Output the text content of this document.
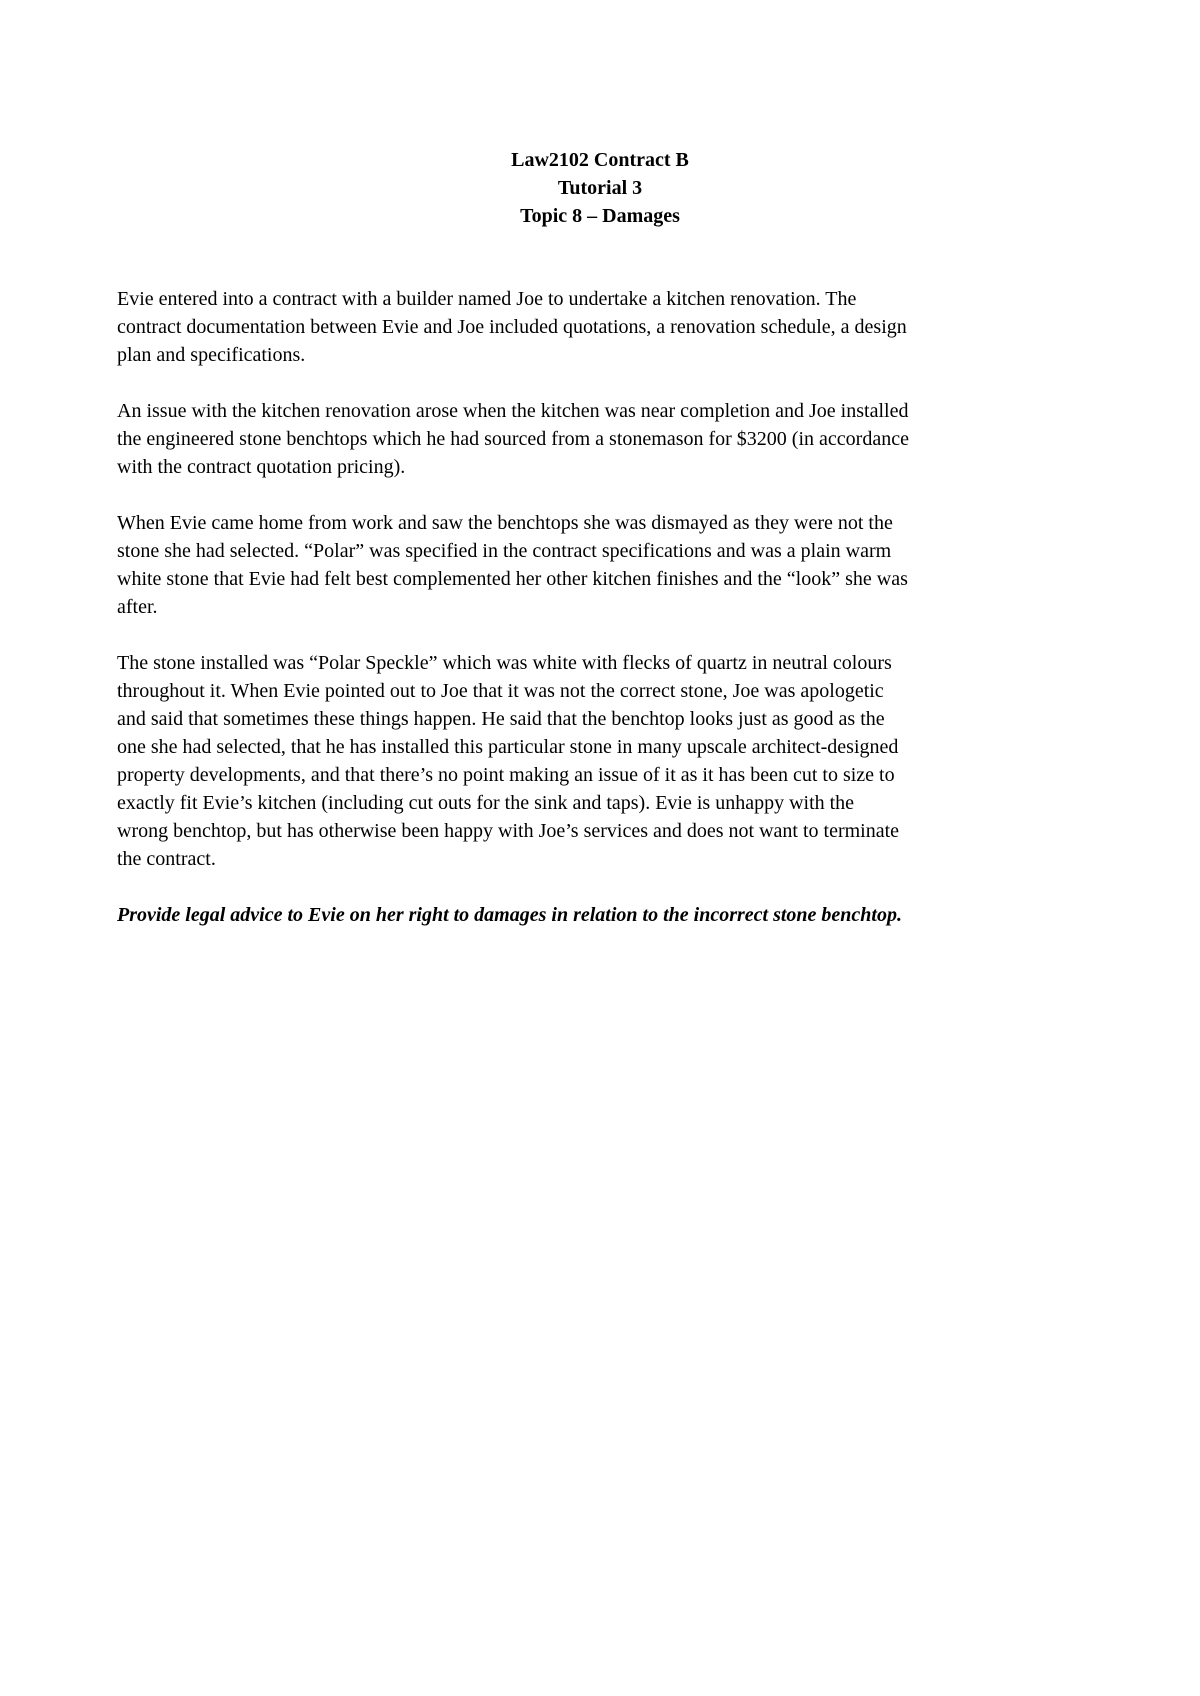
Law2102 Contract B
Tutorial 3
Topic 8 – Damages

Evie entered into a contract with a builder named Joe to undertake a kitchen renovation. The
contract documentation between Evie and Joe included quotations, a renovation schedule, a design
plan and specifications.

An issue with the kitchen renovation arose when the kitchen was near completion and Joe installed
the engineered stone benchtops which he had sourced from a stonemason for $3200 (in accordance
with the contract quotation pricing).

When Evie came home from work and saw the benchtops she was dismayed as they were not the
stone she had selected. “Polar” was specified in the contract specifications and was a plain warm
white stone that Evie had felt best complemented her other kitchen finishes and the “look” she was
after.

The stone installed was “Polar Speckle” which was white with flecks of quartz in neutral colours
throughout it. When Evie pointed out to Joe that it was not the correct stone, Joe was apologetic
and said that sometimes these things happen. He said that the benchtop looks just as good as the
one she had selected, that he has installed this particular stone in many upscale architect-designed
property developments, and that there’s no point making an issue of it as it has been cut to size to
exactly fit Evie’s kitchen (including cut outs for the sink and taps). Evie is unhappy with the
wrong benchtop, but has otherwise been happy with Joe’s services and does not want to terminate
the contract.

Provide legal advice to Evie on her right to damages in relation to the incorrect stone benchtop.
